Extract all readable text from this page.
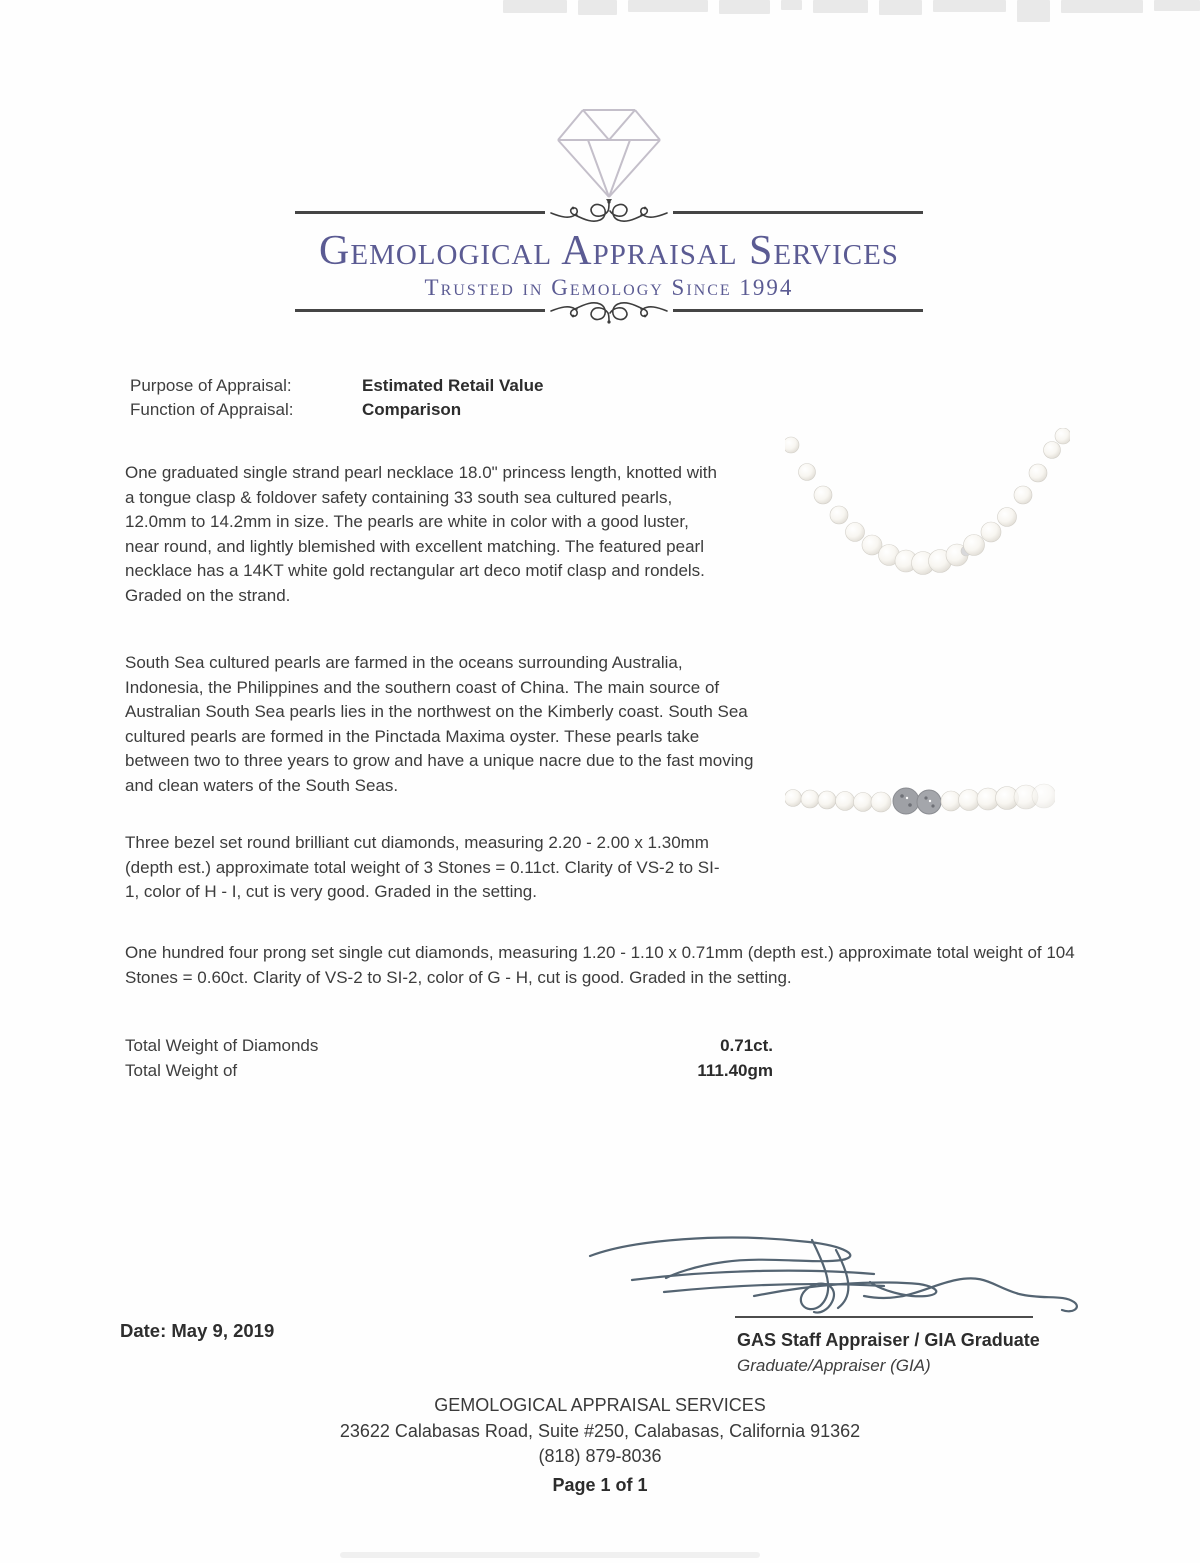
Gemological Appraisal Services
Trusted in Gemology Since 1994
Purpose of Appraisal:	Estimated Retail Value
Function of Appraisal:	Comparison

One graduated single strand pearl necklace 18.0" princess length, knotted with a tongue clasp & foldover safety containing 33 south sea cultured pearls, 12.0mm to 14.2mm in size. The pearls are white in color with a good luster, near round, and lightly blemished with excellent matching. The featured pearl necklace has a 14KT white gold rectangular art deco motif clasp and rondels. Graded on the strand.

South Sea cultured pearls are farmed in the oceans surrounding Australia, Indonesia, the Philippines and the southern coast of China. The main source of Australian South Sea pearls lies in the northwest on the Kimberly coast. South Sea cultured pearls are formed in the Pinctada Maxima oyster. These pearls take between two to three years to grow and have a unique nacre due to the fast moving and clean waters of the South Seas.

Three bezel set round brilliant cut diamonds, measuring 2.20 - 2.00 x 1.30mm (depth est.) approximate total weight of 3 Stones = 0.11ct. Clarity of VS-2 to SI-1, color of H - I, cut is very good. Graded in the setting.

One hundred four prong set single cut diamonds, measuring 1.20 - 1.10 x 0.71mm (depth est.) approximate total weight of 104 Stones = 0.60ct. Clarity of VS-2 to SI-2, color of G - H, cut is good. Graded in the setting.

Total Weight of Diamonds	0.71ct.
Total Weight of	111.40gm
Date: May 9, 2019	GAS Staff Appraiser / GIA Graduate
Graduate/Appraiser (GIA)
GEMOLOGICAL APPRAISAL SERVICES
23622 Calabasas Road, Suite #250, Calabasas, California 91362
(818) 879-8036
Page 1 of 1
